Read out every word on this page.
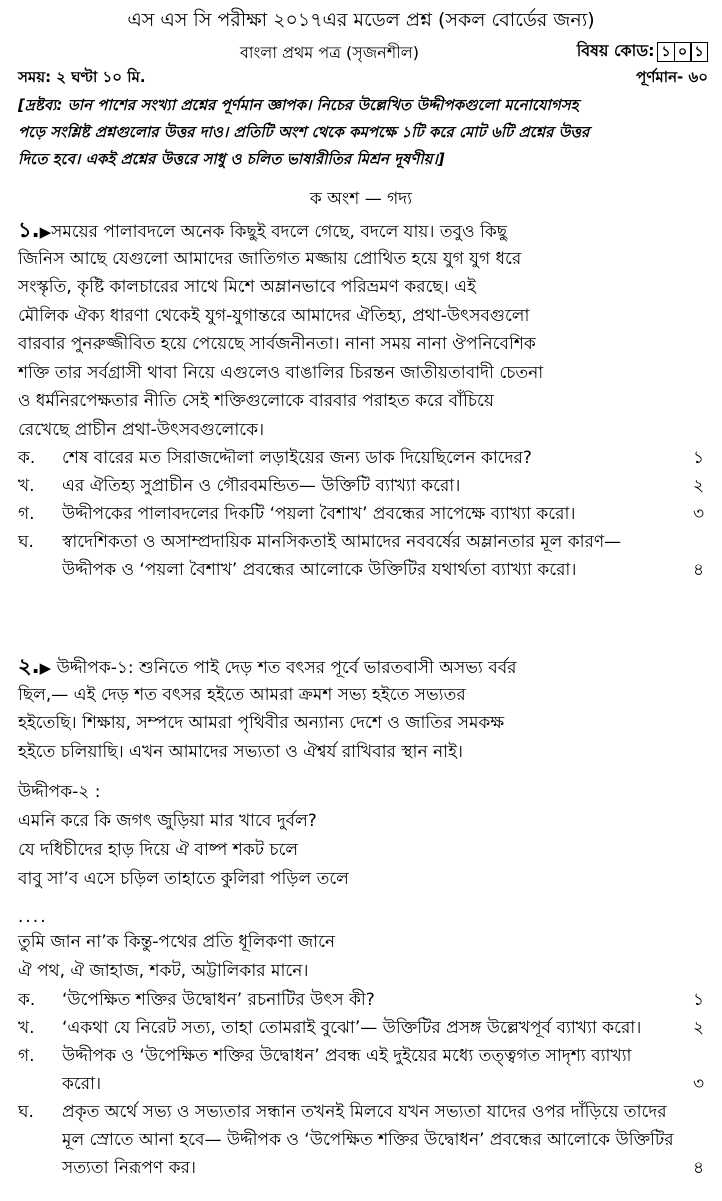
এস এস সি পরীক্ষা ২০১৭এর মডেল প্রশ্ন (সকল বোর্ডের জন্য)
বাংলা প্রথম পত্র (সৃজনশীল)	বিষয় কোড: ১ ০ ১
সময়: ২ ঘণ্টা ১০ মি.	পূর্ণমান- ৬০
[দ্রষ্টব্য: ডান পাশের সংখ্যা প্রশ্নের পূর্ণমান জ্ঞাপক। নিচের উল্লেখিত উদ্দীপকগুলো মনোযোগসহ
পড়ে সংশ্লিষ্ট প্রশ্নগুলোর উত্তর দাও। প্রতিটি অংশ থেকে কমপক্ষে ১টি করে মোট ৬টি প্রশ্নের উত্তর
দিতে হবে। একই প্রশ্নের উত্তরে সাধু ও চলিত ভাষারীতির মিশ্রন দূষণীয়।]
ক অংশ — গদ্য
১.▶সময়ের পালাবদলে অনেক কিছুই বদলে গেছে, বদলে যায়। তবুও কিছু
জিনিস আছে যেগুলো আমাদের জাতিগত মজ্জায় প্রোথিত হয়ে যুগ যুগ ধরে
সংস্কৃতি, কৃষ্টি কালচারের সাথে মিশে অম্লানভাবে পরিভ্রমণ করছে। এই
মৌলিক ঐক্য ধারণা থেকেই যুগ-যুগান্তরে আমাদের ঐতিহ্য, প্রথা-উৎসবগুলো
বারবার পুনরুজ্জীবিত হয়ে পেয়েছে সার্বজনীনতা। নানা সময় নানা ঔপনিবেশিক
শক্তি তার সর্বগ্রাসী থাবা নিয়ে এগুলেও বাঙালির চিরন্তন জাতীয়তাবাদী চেতনা
ও ধর্মনিরপেক্ষতার নীতি সেই শক্তিগুলোকে বারবার পরাহত করে বাঁচিয়ে
রেখেছে প্রাচীন প্রথা-উৎসবগুলোকে।
ক.	শেষ বারের মত সিরাজদ্দৌলা লড়াইয়ের জন্য ডাক দিয়েছিলেন কাদের?	১
খ.	এর ঐতিহ্য সুপ্রাচীন ও গৌরবমন্ডিত— উক্তিটি ব্যাখ্যা করো।	২
গ.	উদ্দীপকের পালাবদলের দিকটি ‘পয়লা বৈশাখ’ প্রবন্ধের সাপেক্ষে ব্যাখ্যা করো।	৩
ঘ.	স্বাদেশিকতা ও অসাম্প্রদায়িক মানসিকতাই আমাদের নববর্ষের অম্লানতার মূল কারণ— উদ্দীপক ও ‘পয়লা বৈশাখ’ প্রবন্ধের আলোকে উক্তিটির যথার্থতা ব্যাখ্যা করো।	৪
২.▶ উদ্দীপক-১: শুনিতে পাই দেড় শত বৎসর পূর্বে ভারতবাসী অসভ্য বর্বর
ছিল,— এই দেড় শত বৎসর হইতে আমরা ক্রমশ সভ্য হইতে সভ্যতর
হইতেছি। শিক্ষায়, সম্পদে আমরা পৃথিবীর অন্যান্য দেশে ও জাতির সমকক্ষ
হইতে চলিয়াছি। এখন আমাদের সভ্যতা ও ঐশ্বর্য রাখিবার স্থান নাই।
উদ্দীপক-২ :
এমনি করে কি জগৎ জুড়িয়া মার খাবে দুর্বল?
যে দধিচীদের হাড় দিয়ে ঐ বাষ্প শকট চলে
বাবু সা’ব এসে চড়িল তাহাতে কুলিরা পড়িল তলে
....
তুমি জান না’ক কিন্তু-পথের প্রতি ধূলিকণা জানে
ঐ পথ, ঐ জাহাজ, শকট, অট্টালিকার মানে।
ক.	‘উপেক্ষিত শক্তির উদ্বোধন’ রচনাটির উৎস কী?	১
খ.	‘একথা যে নিরেট সত্য, তাহা তোমরাই বুঝো’— উক্তিটির প্রসঙ্গ উল্লেখপূর্ব ব্যাখ্যা করো।	২
গ.	উদ্দীপক ও ‘উপেক্ষিত শক্তির উদ্বোধন’ প্রবন্ধ এই দুইয়ের মধ্যে তত্ত্বগত সাদৃশ্য ব্যাখ্যা করো।	৩
ঘ.	প্রকৃত অর্থে সভ্য ও সভ্যতার সন্ধান তখনই মিলবে যখন সভ্যতা যাদের ওপর দাঁড়িয়ে তাদের মূল স্রোতে আনা হবে— উদ্দীপক ও ‘উপেক্ষিত শক্তির উদ্বোধন’ প্রবন্ধের আলোকে উক্তিটির সত্যতা নিরূপণ কর।	৪
